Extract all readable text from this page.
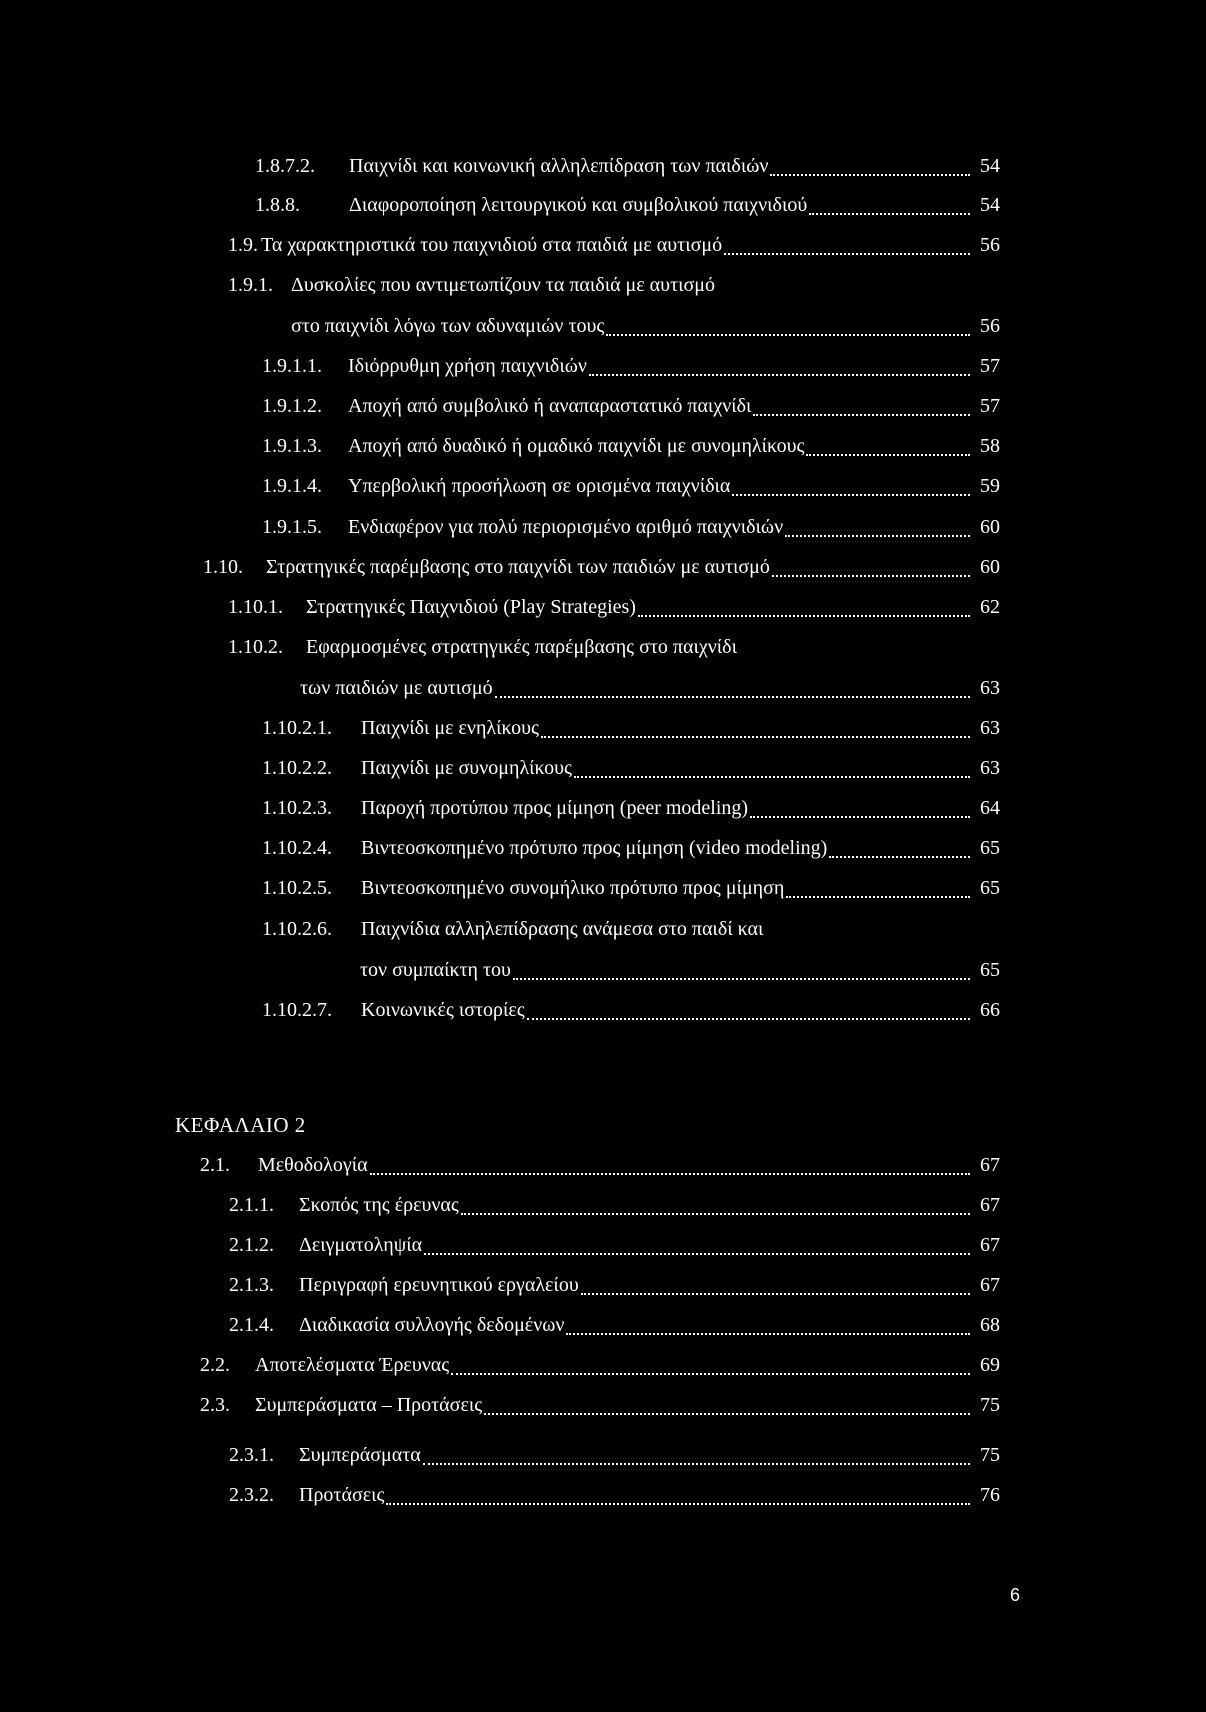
1.8.7.2. Παιχνίδι και κοινωνική αλληλεπίδραση των παιδιών	54
1.8.8. Διαφοροποίηση λειτουργικού και συμβολικού παιχνιδιού	54
1.9. Τα χαρακτηριστικά του παιχνιδιού στα παιδιά με αυτισμό	56
1.9.1. Δυσκολίες που αντιμετωπίζουν τα παιδιά με αυτισμό
στο παιχνίδι λόγω των αδυναμιών τους	56
1.9.1.1. Ιδιόρρυθμη χρήση παιχνιδιών	57
1.9.1.2. Αποχή από συμβολικό ή αναπαραστατικό παιχνίδι	57
1.9.1.3. Αποχή από δυαδικό ή ομαδικό παιχνίδι με συνομηλίκους	58
1.9.1.4. Υπερβολική προσήλωση σε ορισμένα παιχνίδια	59
1.9.1.5. Ενδιαφέρον για πολύ περιορισμένο αριθμό παιχνιδιών	60
1.10. Στρατηγικές παρέμβασης στο παιχνίδι των παιδιών με αυτισμό	60
1.10.1. Στρατηγικές Παιχνιδιού (Play Strategies)	62
1.10.2. Εφαρμοσμένες στρατηγικές παρέμβασης στο παιχνίδι
των παιδιών με αυτισμό	63
1.10.2.1. Παιχνίδι με ενηλίκους	63
1.10.2.2. Παιχνίδι με συνομηλίκους	63
1.10.2.3. Παροχή προτύπου προς μίμηση (peer modeling)	64
1.10.2.4. Βιντεοσκοπημένο πρότυπο προς μίμηση (video modeling)	65
1.10.2.5. Βιντεοσκοπημένο συνομήλικο πρότυπο προς μίμηση	65
1.10.2.6. Παιχνίδια αλληλεπίδρασης ανάμεσα στο παιδί και
τον συμπαίκτη του	65
1.10.2.7. Κοινωνικές ιστορίες	66
2.1. Μεθοδολογία	67
2.1.1. Σκοπός της έρευνας	67
2.1.2. Δειγματοληψία	67
2.1.3. Περιγραφή ερευνητικού εργαλείου	67
2.1.4. Διαδικασία συλλογής δεδομένων	68
2.2. Αποτελέσματα Έρευνας	69
2.3. Συμπεράσματα – Προτάσεις	75
2.3.1. Συμπεράσματα	75
2.3.2. Προτάσεις	76
ΚΕΦΑΛΑΙΟ 2
6
